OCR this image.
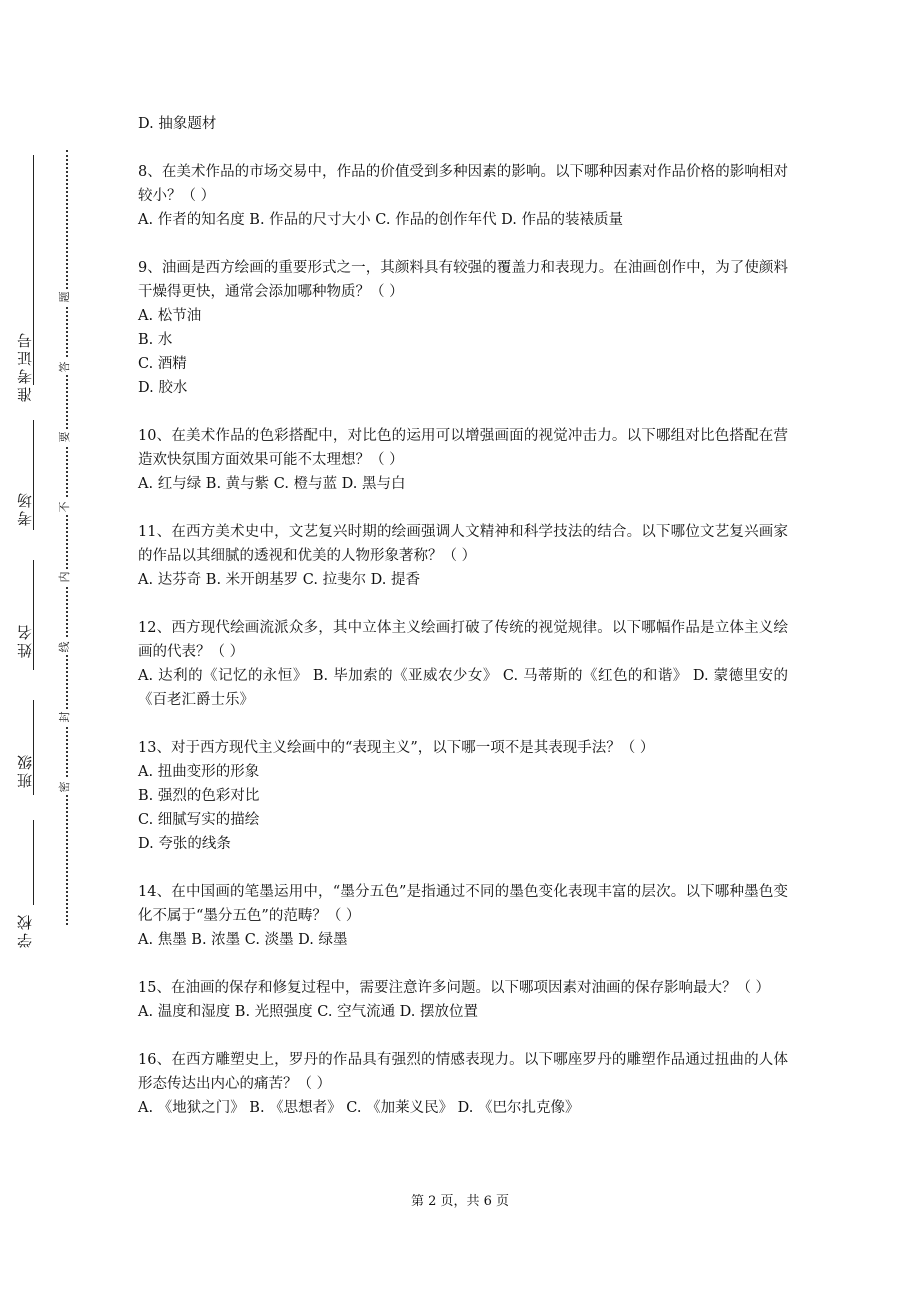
准考证号
考场
姓名
班级
学校
题
答
要
不
内
线
封
密
D. 抽象题材
8、在美术作品的市场交易中，作品的价值受到多种因素的影响。以下哪种因素对作品价格的影响相对较小？（ ）
A. 作者的知名度 B. 作品的尺寸大小 C. 作品的创作年代 D. 作品的装裱质量
9、油画是西方绘画的重要形式之一，其颜料具有较强的覆盖力和表现力。在油画创作中，为了使颜料干燥得更快，通常会添加哪种物质？（ ）
A. 松节油
B. 水
C. 酒精
D. 胶水
10、在美术作品的色彩搭配中，对比色的运用可以增强画面的视觉冲击力。以下哪组对比色搭配在营造欢快氛围方面效果可能不太理想？（ ）
A. 红与绿 B. 黄与紫 C. 橙与蓝 D. 黑与白
11、在西方美术史中，文艺复兴时期的绘画强调人文精神和科学技法的结合。以下哪位文艺复兴画家的作品以其细腻的透视和优美的人物形象著称？（ ）
A. 达芬奇 B. 米开朗基罗 C. 拉斐尔 D. 提香
12、西方现代绘画流派众多，其中立体主义绘画打破了传统的视觉规律。以下哪幅作品是立体主义绘画的代表？（ ）
A. 达利的《记忆的永恒》 B. 毕加索的《亚威农少女》 C. 马蒂斯的《红色的和谐》 D. 蒙德里安的《百老汇爵士乐》
13、对于西方现代主义绘画中的“表现主义”，以下哪一项不是其表现手法？（ ）
A. 扭曲变形的形象
B. 强烈的色彩对比
C. 细腻写实的描绘
D. 夸张的线条
14、在中国画的笔墨运用中，“墨分五色”是指通过不同的墨色变化表现丰富的层次。以下哪种墨色变化不属于“墨分五色”的范畴？（ ）
A. 焦墨 B. 浓墨 C. 淡墨 D. 绿墨
15、在油画的保存和修复过程中，需要注意许多问题。以下哪项因素对油画的保存影响最大？（ ）
A. 温度和湿度 B. 光照强度 C. 空气流通 D. 摆放位置
16、在西方雕塑史上，罗丹的作品具有强烈的情感表现力。以下哪座罗丹的雕塑作品通过扭曲的人体形态传达出内心的痛苦？（ ）
A. 《地狱之门》 B. 《思想者》 C. 《加莱义民》 D. 《巴尔扎克像》
第 2 页，共 6 页
